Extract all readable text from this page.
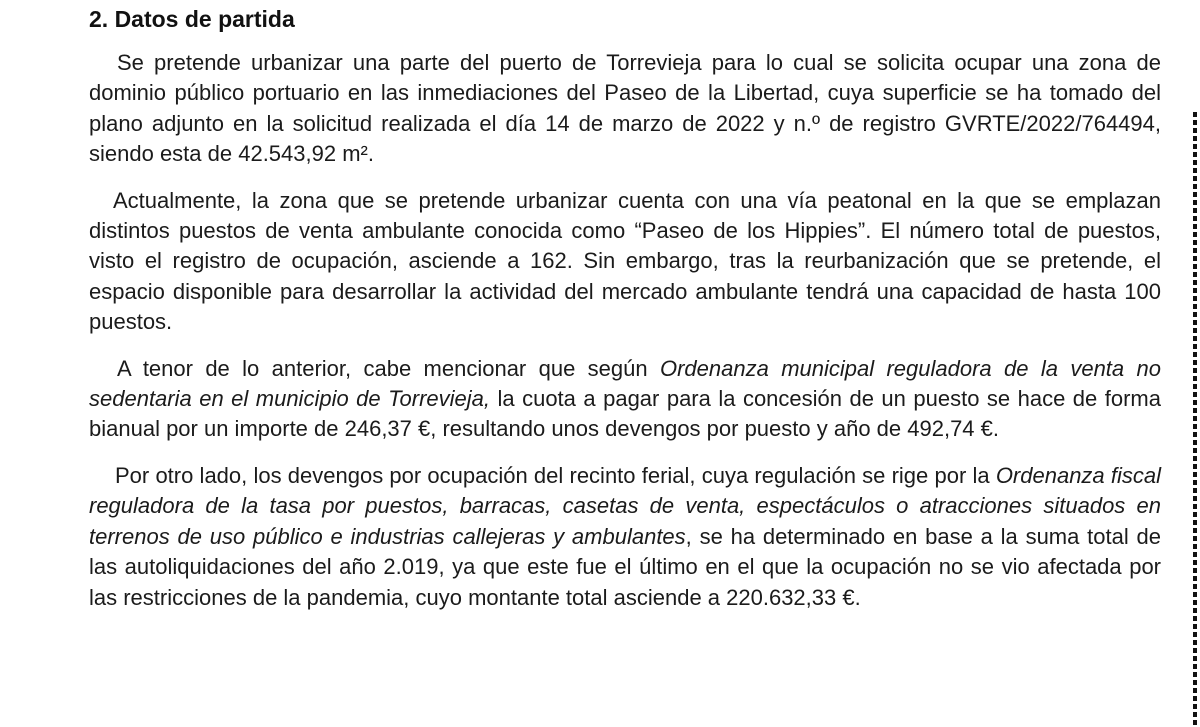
2. Datos de partida

Se pretende urbanizar una parte del puerto de Torrevieja para lo cual se solicita ocupar una zona de dominio público portuario en las inmediaciones del Paseo de la Libertad, cuya superficie se ha tomado del plano adjunto en la solicitud realizada el día 14 de marzo de 2022 y n.º de registro GVRTE/2022/764494, siendo esta de 42.543,92 m².

Actualmente, la zona que se pretende urbanizar cuenta con una vía peatonal en la que se emplazan distintos puestos de venta ambulante conocida como “Paseo de los Hippies”. El número total de puestos, visto el registro de ocupación, asciende a 162. Sin embargo, tras la reurbanización que se pretende, el espacio disponible para desarrollar la actividad del mercado ambulante tendrá una capacidad de hasta 100 puestos.

A tenor de lo anterior, cabe mencionar que según Ordenanza municipal reguladora de la venta no sedentaria en el municipio de Torrevieja, la cuota a pagar para la concesión de un puesto se hace de forma bianual por un importe de 246,37 €, resultando unos devengos por puesto y año de 492,74 €.

Por otro lado, los devengos por ocupación del recinto ferial, cuya regulación se rige por la Ordenanza fiscal reguladora de la tasa por puestos, barracas, casetas de venta, espectáculos o atracciones situados en terrenos de uso público e industrias callejeras y ambulantes, se ha determinado en base a la suma total de las autoliquidaciones del año 2.019, ya que este fue el último en el que la ocupación no se vio afectada por las restricciones de la pandemia, cuyo montante total asciende a 220.632,33 €.
